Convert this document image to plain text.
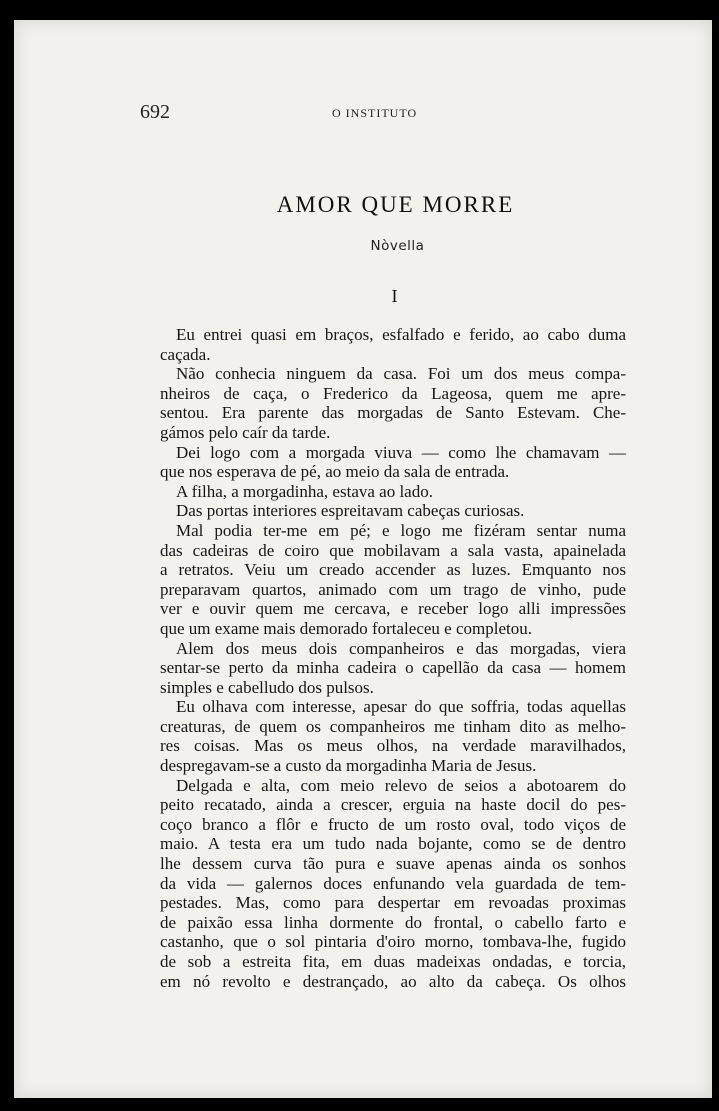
692	O INSTITUTO
AMOR QUE MORRE
Nòvella
I
Eu entrei quasi em braços, esfalfado e ferido, ao cabo duma
caçada.
Não conhecia ninguem da casa. Foi um dos meus compa-
nheiros de caça, o Frederico da Lageosa, quem me apre-
sentou. Era parente das morgadas de Santo Estevam. Che-
gámos pelo caír da tarde.
Dei logo com a morgada viuva — como lhe chamavam —
que nos esperava de pé, ao meio da sala de entrada.
A filha, a morgadinha, estava ao lado.
Das portas interiores espreitavam cabeças curiosas.
Mal podia ter-me em pé; e logo me fizéram sentar numa
das cadeiras de coiro que mobilavam a sala vasta, apainelada
a retratos. Veiu um creado accender as luzes. Emquanto nos
preparavam quartos, animado com um trago de vinho, pude
ver e ouvir quem me cercava, e receber logo alli impressões
que um exame mais demorado fortaleceu e completou.
Alem dos meus dois companheiros e das morgadas, viera
sentar-se perto da minha cadeira o capellão da casa — homem
simples e cabelludo dos pulsos.
Eu olhava com interesse, apesar do que soffria, todas aquellas
creaturas, de quem os companheiros me tinham dito as melho-
res coisas. Mas os meus olhos, na verdade maravilhados,
despregavam-se a custo da morgadinha Maria de Jesus.
Delgada e alta, com meio relevo de seios a abotoarem do
peito recatado, ainda a crescer, erguia na haste docil do pes-
coço branco a flôr e fructo de um rosto oval, todo viços de
maio. A testa era um tudo nada bojante, como se de dentro
lhe dessem curva tão pura e suave apenas ainda os sonhos
da vida — galernos doces enfunando vela guardada de tem-
pestades. Mas, como para despertar em revoadas proximas
de paixão essa linha dormente do frontal, o cabello farto e
castanho, que o sol pintaria d'oiro morno, tombava-lhe, fugido
de sob a estreita fita, em duas madeixas ondadas, e torcia,
em nó revolto e destrançado, ao alto da cabeça. Os olhos
